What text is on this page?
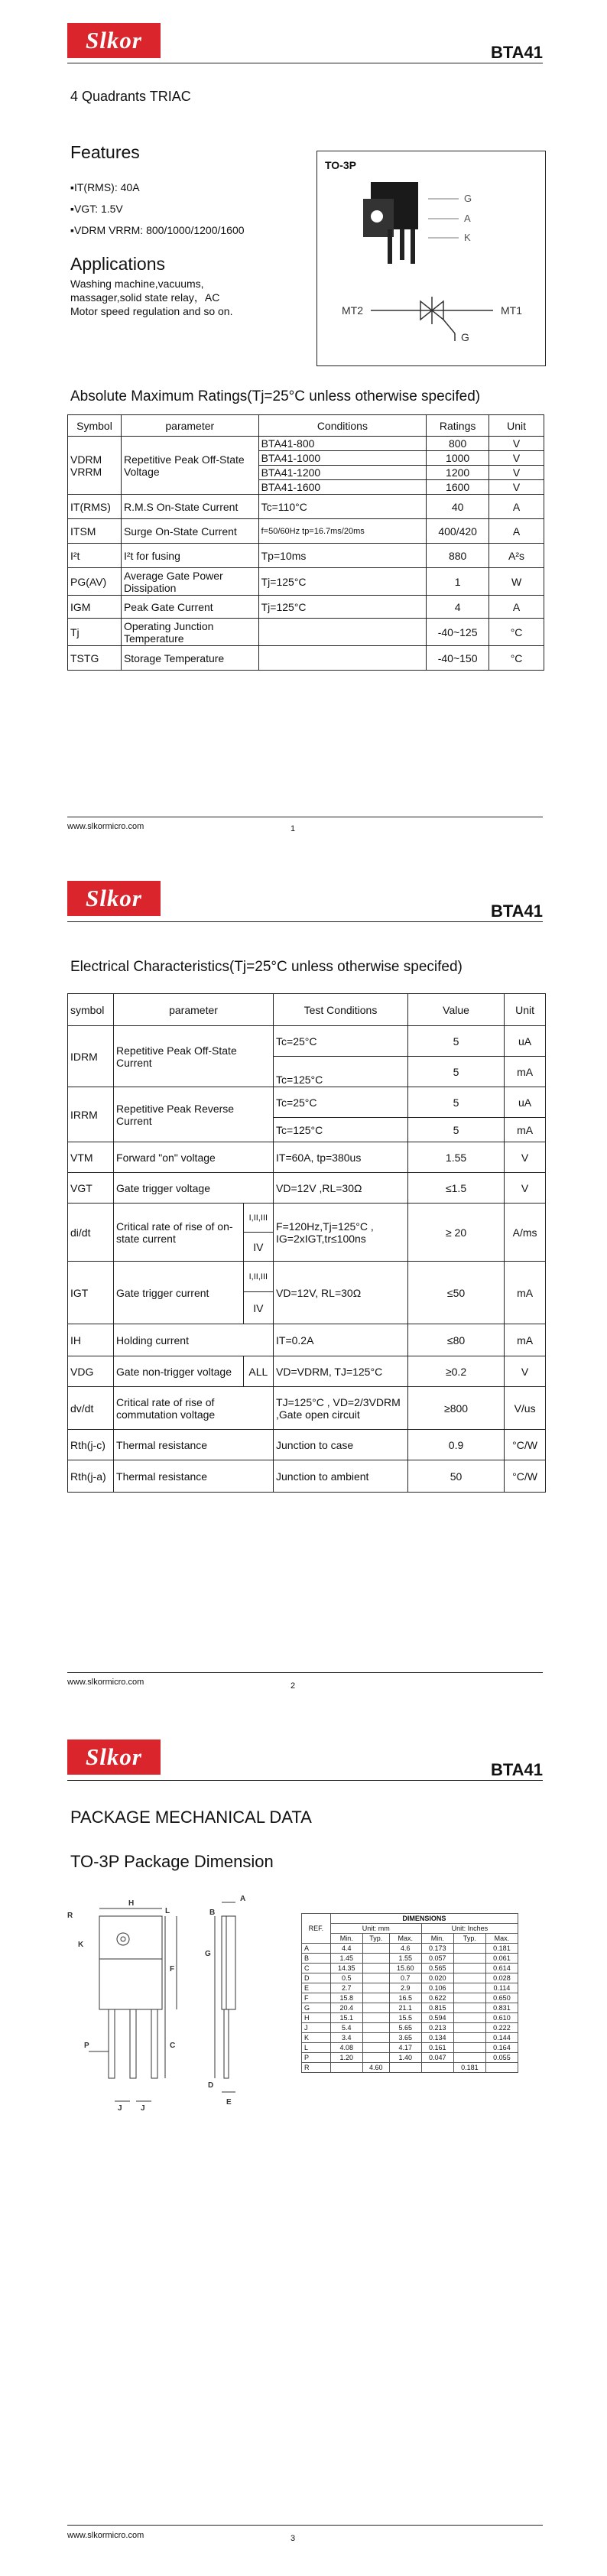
Slkor	BTA41
4 Quadrants TRIAC
Features
▪IT(RMS): 40A
▪VGT: 1.5V
▪VDRM VRRM: 800/1000/1200/1600
Applications
Washing machine,vacuums,
massager,solid state relay，AC
Motor speed regulation and so on.
TO-3P
G
A
K
MT2	MT1
G
Absolute Maximum Ratings(Tj=25°C unless otherwise specifed)
Symbol	parameter	Conditions	Ratings	Unit
VDRM
VRRM	Repetitive Peak Off-State Voltage	BTA41-800	800	V
		BTA41-1000	1000	V
		BTA41-1200	1200	V
		BTA41-1600	1600	V
IT(RMS)	R.M.S On-State Current	Tc=110°C	40	A
ITSM	Surge On-State Current	f=50/60Hz tp=16.7ms/20ms	400/420	A
I²t	I²t for fusing	Tp=10ms	880	A²s
PG(AV)	Average Gate Power Dissipation	Tj=125°C	1	W
IGM	Peak Gate Current	Tj=125°C	4	A
Tj	Operating Junction Temperature		-40~125	°C
TSTG	Storage Temperature		-40~150	°C
www.slkormicro.com	1
Slkor	BTA41
Electrical Characteristics(Tj=25°C unless otherwise specifed)
symbol	parameter		Test Conditions	Value	Unit
IDRM	Repetitive Peak Off-State Current		Tc=25°C	5	uA
			Tc=125°C	5	mA
IRRM	Repetitive Peak Reverse Current		Tc=25°C	5	uA
			Tc=125°C	5	mA
VTM	Forward "on" voltage		IT=60A, tp=380us	1.55	V
VGT	Gate trigger voltage		VD=12V ,RL=30Ω	≤1.5	V
di/dt	Critical rate of rise of on-state current	I,II,III	F=120Hz,Tj=125°C , IG=2xIGT,tr≤100ns	≥ 20	A/ms
		IV			
IGT	Gate trigger current	I,II,III	VD=12V, RL=30Ω	≤50	mA
		IV			
IH	Holding current		IT=0.2A	≤80	mA
VDG	Gate non-trigger voltage	ALL	VD=VDRM, TJ=125°C	≥0.2	V
dv/dt	Critical rate of rise of commutation voltage		TJ=125°C , VD=2/3VDRM ,Gate open circuit	≥800	V/us
Rth(j-c)	Thermal resistance		Junction to case	0.9	°C/W
Rth(j-a)	Thermal resistance		Junction to ambient	50	°C/W
www.slkormicro.com	2
Slkor	BTA41
PACKAGE MECHANICAL DATA
TO-3P Package Dimension
H
L
R
K
F
G
C
P
J J
A
B
D
E
REF.	DIMENSIONS					
	Unit: mm			Unit: Inches		
	Min.	Typ.	Max.	Min.	Typ.	Max.
A	4.4		4.6	0.173		0.181
B	1.45		1.55	0.057		0.061
C	14.35		15.60	0.565		0.614
D	0.5		0.7	0.020		0.028
E	2.7		2.9	0.106		0.114
F	15.8		16.5	0.622		0.650
G	20.4		21.1	0.815		0.831
H	15.1		15.5	0.594		0.610
J	5.4		5.65	0.213		0.222
K	3.4		3.65	0.134		0.144
L	4.08		4.17	0.161		0.164
P	1.20		1.40	0.047		0.055
R		4.60			0.181	
www.slkormicro.com	3
